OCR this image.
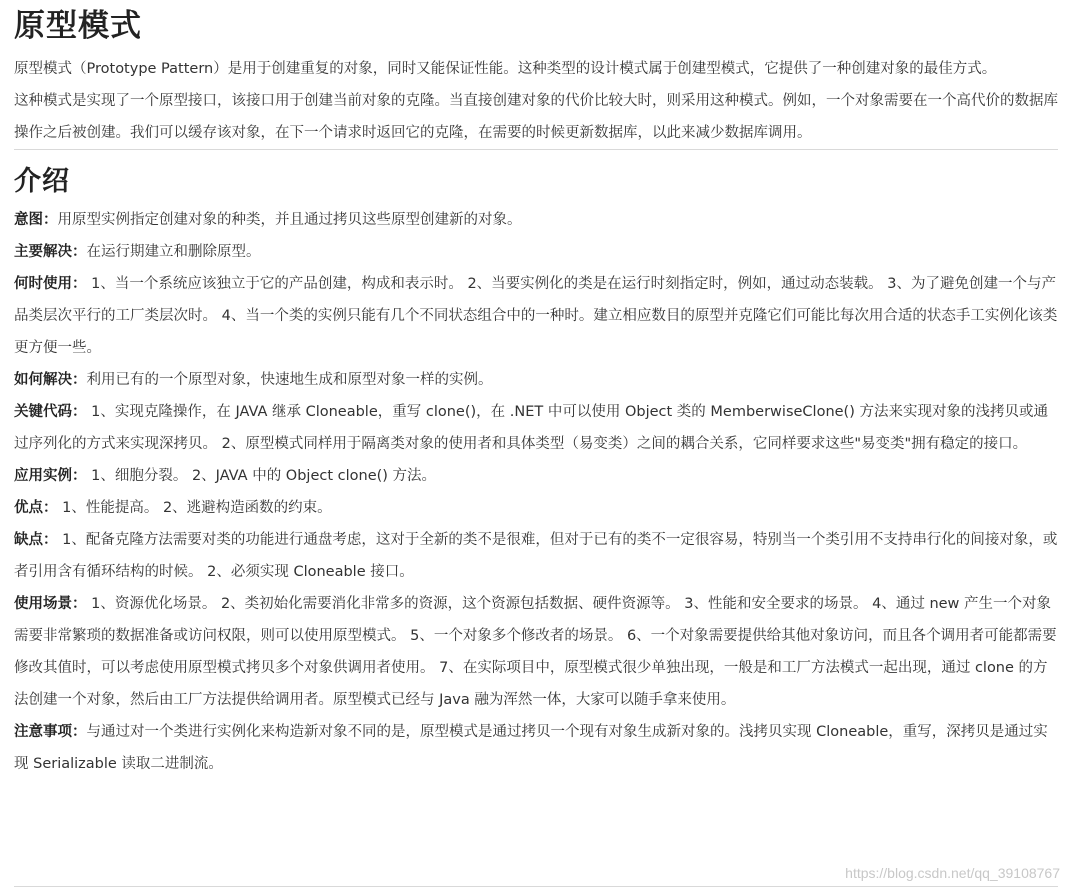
原型模式

原型模式（Prototype Pattern）是用于创建重复的对象，同时又能保证性能。这种类型的设计模式属于创建型模式，它提供了一种创建对象的最佳方式。

这种模式是实现了一个原型接口，该接口用于创建当前对象的克隆。当直接创建对象的代价比较大时，则采用这种模式。例如，一个对象需要在一个高代价的数据库操作之后被创建。我们可以缓存该对象，在下一个请求时返回它的克隆，在需要的时候更新数据库，以此来减少数据库调用。

介绍

意图：用原型实例指定创建对象的种类，并且通过拷贝这些原型创建新的对象。

主要解决：在运行期建立和删除原型。

何时使用： 1、当一个系统应该独立于它的产品创建，构成和表示时。 2、当要实例化的类是在运行时刻指定时，例如，通过动态装载。 3、为了避免创建一个与产品类层次平行的工厂类层次时。 4、当一个类的实例只能有几个不同状态组合中的一种时。建立相应数目的原型并克隆它们可能比每次用合适的状态手工实例化该类更方便一些。

如何解决：利用已有的一个原型对象，快速地生成和原型对象一样的实例。

关键代码： 1、实现克隆操作，在 JAVA 继承 Cloneable，重写 clone()，在 .NET 中可以使用 Object 类的 MemberwiseClone() 方法来实现对象的浅拷贝或通过序列化的方式来实现深拷贝。 2、原型模式同样用于隔离类对象的使用者和具体类型（易变类）之间的耦合关系，它同样要求这些"易变类"拥有稳定的接口。

应用实例： 1、细胞分裂。 2、JAVA 中的 Object clone() 方法。

优点： 1、性能提高。 2、逃避构造函数的约束。

缺点： 1、配备克隆方法需要对类的功能进行通盘考虑，这对于全新的类不是很难，但对于已有的类不一定很容易，特别当一个类引用不支持串行化的间接对象，或者引用含有循环结构的时候。 2、必须实现 Cloneable 接口。

使用场景： 1、资源优化场景。 2、类初始化需要消化非常多的资源，这个资源包括数据、硬件资源等。 3、性能和安全要求的场景。 4、通过 new 产生一个对象需要非常繁琐的数据准备或访问权限，则可以使用原型模式。 5、一个对象多个修改者的场景。 6、一个对象需要提供给其他对象访问，而且各个调用者可能都需要修改其值时，可以考虑使用原型模式拷贝多个对象供调用者使用。 7、在实际项目中，原型模式很少单独出现，一般是和工厂方法模式一起出现，通过 clone 的方法创建一个对象，然后由工厂方法提供给调用者。原型模式已经与 Java 融为浑然一体，大家可以随手拿来使用。

注意事项：与通过对一个类进行实例化来构造新对象不同的是，原型模式是通过拷贝一个现有对象生成新对象的。浅拷贝实现 Cloneable，重写，深拷贝是通过实现 Serializable 读取二进制流。

https://blog.csdn.net/qq_39108767
